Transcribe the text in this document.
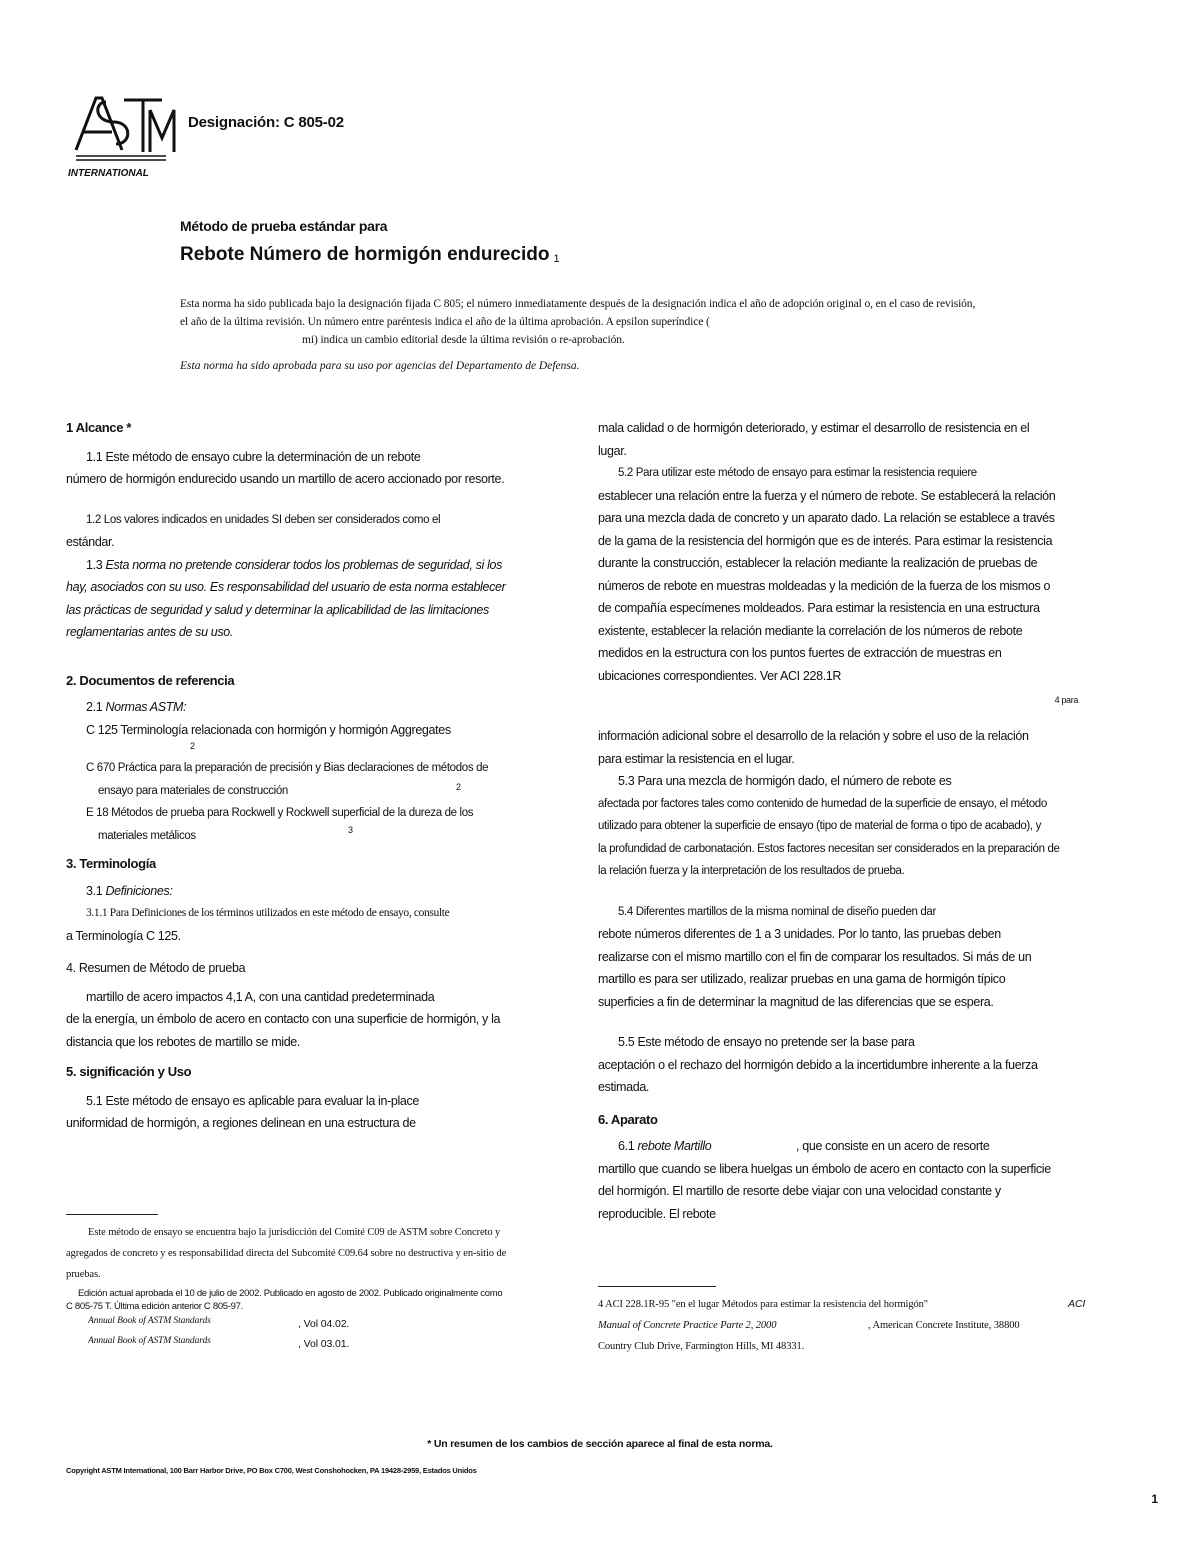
INTERNATIONAL
Designación: C 805-02
Método de prueba estándar para
Rebote Número de hormigón endurecido $^1$
Esta norma ha sido publicada bajo la designación fijada C 805; el número inmediatamente después de la designación indica el año de adopción original o, en el caso de revisión,
el año de la última revisión. Un número entre paréntesis indica el año de la última aprobación. A epsilon superíndice (
mi) indica un cambio editorial desde la última revisión o re-aprobación.
Esta norma ha sido aprobada para su uso por agencias del Departamento de Defensa.
1 Alcance *
1.1 Este método de ensayo cubre la determinación de un rebote
número de hormigón endurecido usando un martillo de acero accionado por resorte.
1.2 Los valores indicados en unidades SI deben ser considerados como el
estándar.
1.3 Esta norma no pretende considerar todos los problemas de seguridad, si los
hay, asociados con su uso. Es responsabilidad del usuario de esta norma establecer
las prácticas de seguridad y salud y determinar la aplicabilidad de las limitaciones
reglamentarias antes de su uso.
2. Documentos de referencia
2.1 Normas ASTM:
C 125 Terminología relacionada con hormigón y hormigón Aggregates
2
C 670 Práctica para la preparación de precisión y Bias declaraciones de métodos de
ensayo para materiales de construcción	2
E 18 Métodos de prueba para Rockwell y Rockwell superficial de la dureza de los
materiales metálicos	3
3. Terminología
3.1 Definiciones:
3.1.1 Para Definiciones de los términos utilizados en este método de ensayo, consulte
a Terminología C 125.
4. Resumen de Método de prueba
martillo de acero impactos 4,1 A, con una cantidad predeterminada
de la energía, un émbolo de acero en contacto con una superficie de hormigón, y la
distancia que los rebotes de martillo se mide.
5. significación y Uso
5.1 Este método de ensayo es aplicable para evaluar la in-place
uniformidad de hormigón, a regiones delinean en una estructura de
Este método de ensayo se encuentra bajo la jurisdicción del Comité C09 de ASTM sobre Concreto y
agregados de concreto y es responsabilidad directa del Subcomité C09.64 sobre no destructiva y en-sitio de
pruebas.
Edición actual aprobada el 10 de julio de 2002. Publicado en agosto de 2002. Publicado originalmente como
C 805-75 T. Última edición anterior C 805-97.
Annual Book of ASTM Standards	, Vol 04.02.
Annual Book of ASTM Standards	, Vol 03.01.
mala calidad o de hormigón deteriorado, y estimar el desarrollo de resistencia en el
lugar.
5.2 Para utilizar este método de ensayo para estimar la resistencia requiere
establecer una relación entre la fuerza y el número de rebote. Se establecerá la relación
para una mezcla dada de concreto y un aparato dado. La relación se establece a través
de la gama de la resistencia del hormigón que es de interés. Para estimar la resistencia
durante la construcción, establecer la relación mediante la realización de pruebas de
números de rebote en muestras moldeadas y la medición de la fuerza de los mismos o
de compañía especímenes moldeados. Para estimar la resistencia en una estructura
existente, establecer la relación mediante la correlación de los números de rebote
medidos en la estructura con los puntos fuertes de extracción de muestras en
ubicaciones correspondientes. Ver ACI 228.1R
4 para
información adicional sobre el desarrollo de la relación y sobre el uso de la relación
para estimar la resistencia en el lugar.
5.3 Para una mezcla de hormigón dado, el número de rebote es
afectada por factores tales como contenido de humedad de la superficie de ensayo, el método
utilizado para obtener la superficie de ensayo (tipo de material de forma o tipo de acabado), y
la profundidad de carbonatación. Estos factores necesitan ser considerados en la preparación de
la relación fuerza y la interpretación de los resultados de prueba.
5.4 Diferentes martillos de la misma nominal de diseño pueden dar
rebote números diferentes de 1 a 3 unidades. Por lo tanto, las pruebas deben
realizarse con el mismo martillo con el fin de comparar los resultados. Si más de un
martillo es para ser utilizado, realizar pruebas en una gama de hormigón típico
superficies a fin de determinar la magnitud de las diferencias que se espera.
5.5 Este método de ensayo no pretende ser la base para
aceptación o el rechazo del hormigón debido a la incertidumbre inherente a la fuerza
estimada.
6. Aparato
6.1 rebote Martillo	, que consiste en un acero de resorte
martillo que cuando se libera huelgas un émbolo de acero en contacto con la superficie
del hormigón. El martillo de resorte debe viajar con una velocidad constante y
reproducible. El rebote
4 ACI 228.1R-95 "en el lugar Métodos para estimar la resistencia del hormigón"	ACI
Manual of Concrete Practice Parte 2, 2000	, American Concrete Institute, 38800
Country Club Drive, Farmington Hills, MI 48331.
* Un resumen de los cambios de sección aparece al final de esta norma.
Copyright ASTM International, 100 Barr Harbor Drive, PO Box C700, West Conshohocken, PA 19428-2959, Estados Unidos
1
